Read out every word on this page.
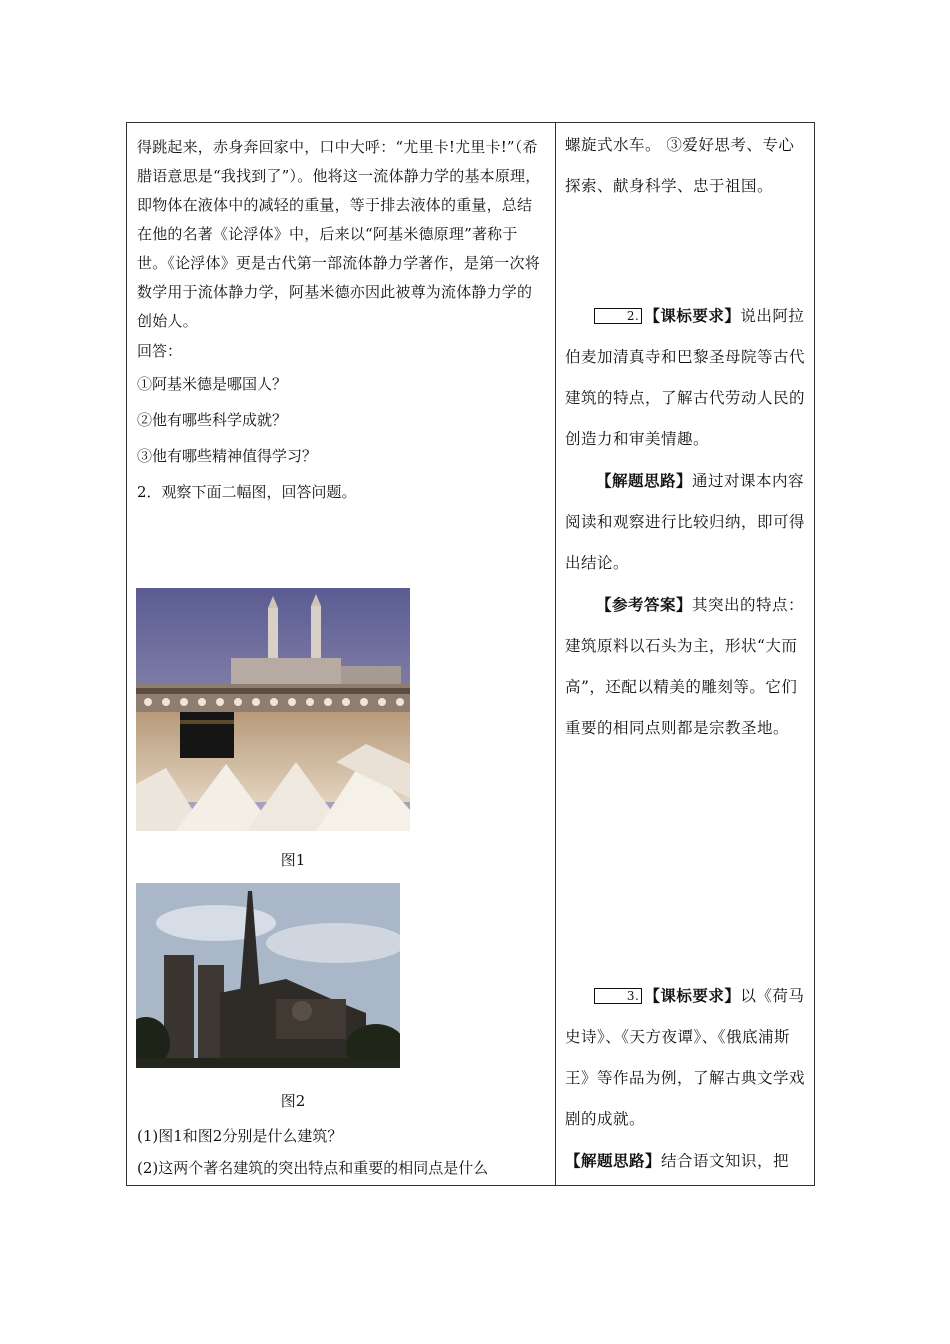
得跳起来，赤身奔回家中，口中大呼：“尤里卡!尤里卡!”（希腊语意思是“我找到了”）。他将这一流体静力学的基本原理，即物体在液体中的减轻的重量，等于排去液体的重量，总结在他的名著《论浮体》中，后来以“阿基米德原理”著称于世。《论浮体》更是古代第一部流体静力学著作，是第一次将数学用于流体静力学，阿基米德亦因此被尊为流体静力学的创始人。

回答：

①阿基米德是哪国人？

②他有哪些科学成就？

③他有哪些精神值得学习？

2．观察下面二幅图，回答问题。

图1
图2

(1)图1和图2分别是什么建筑？

(2)这两个著名建筑的突出特点和重要的相同点是什么

螺旋式水车。 ③爱好思考、专心探索、献身科学、忠于祖国。

2. 【课标要求】说出阿拉伯麦加清真寺和巴黎圣母院等古代建筑的特点，了解古代劳动人民的创造力和审美情趣。

【解题思路】通过对课本内容阅读和观察进行比较归纳，即可得出结论。

【参考答案】其突出的特点：建筑原料以石头为主，形状“大而高”，还配以精美的雕刻等。它们重要的相同点则都是宗教圣地。

3. 【课标要求】以《荷马史诗》、《天方夜谭》、《俄底浦斯王》等作品为例，了解古典文学戏剧的成就。

【解题思路】结合语文知识，把
